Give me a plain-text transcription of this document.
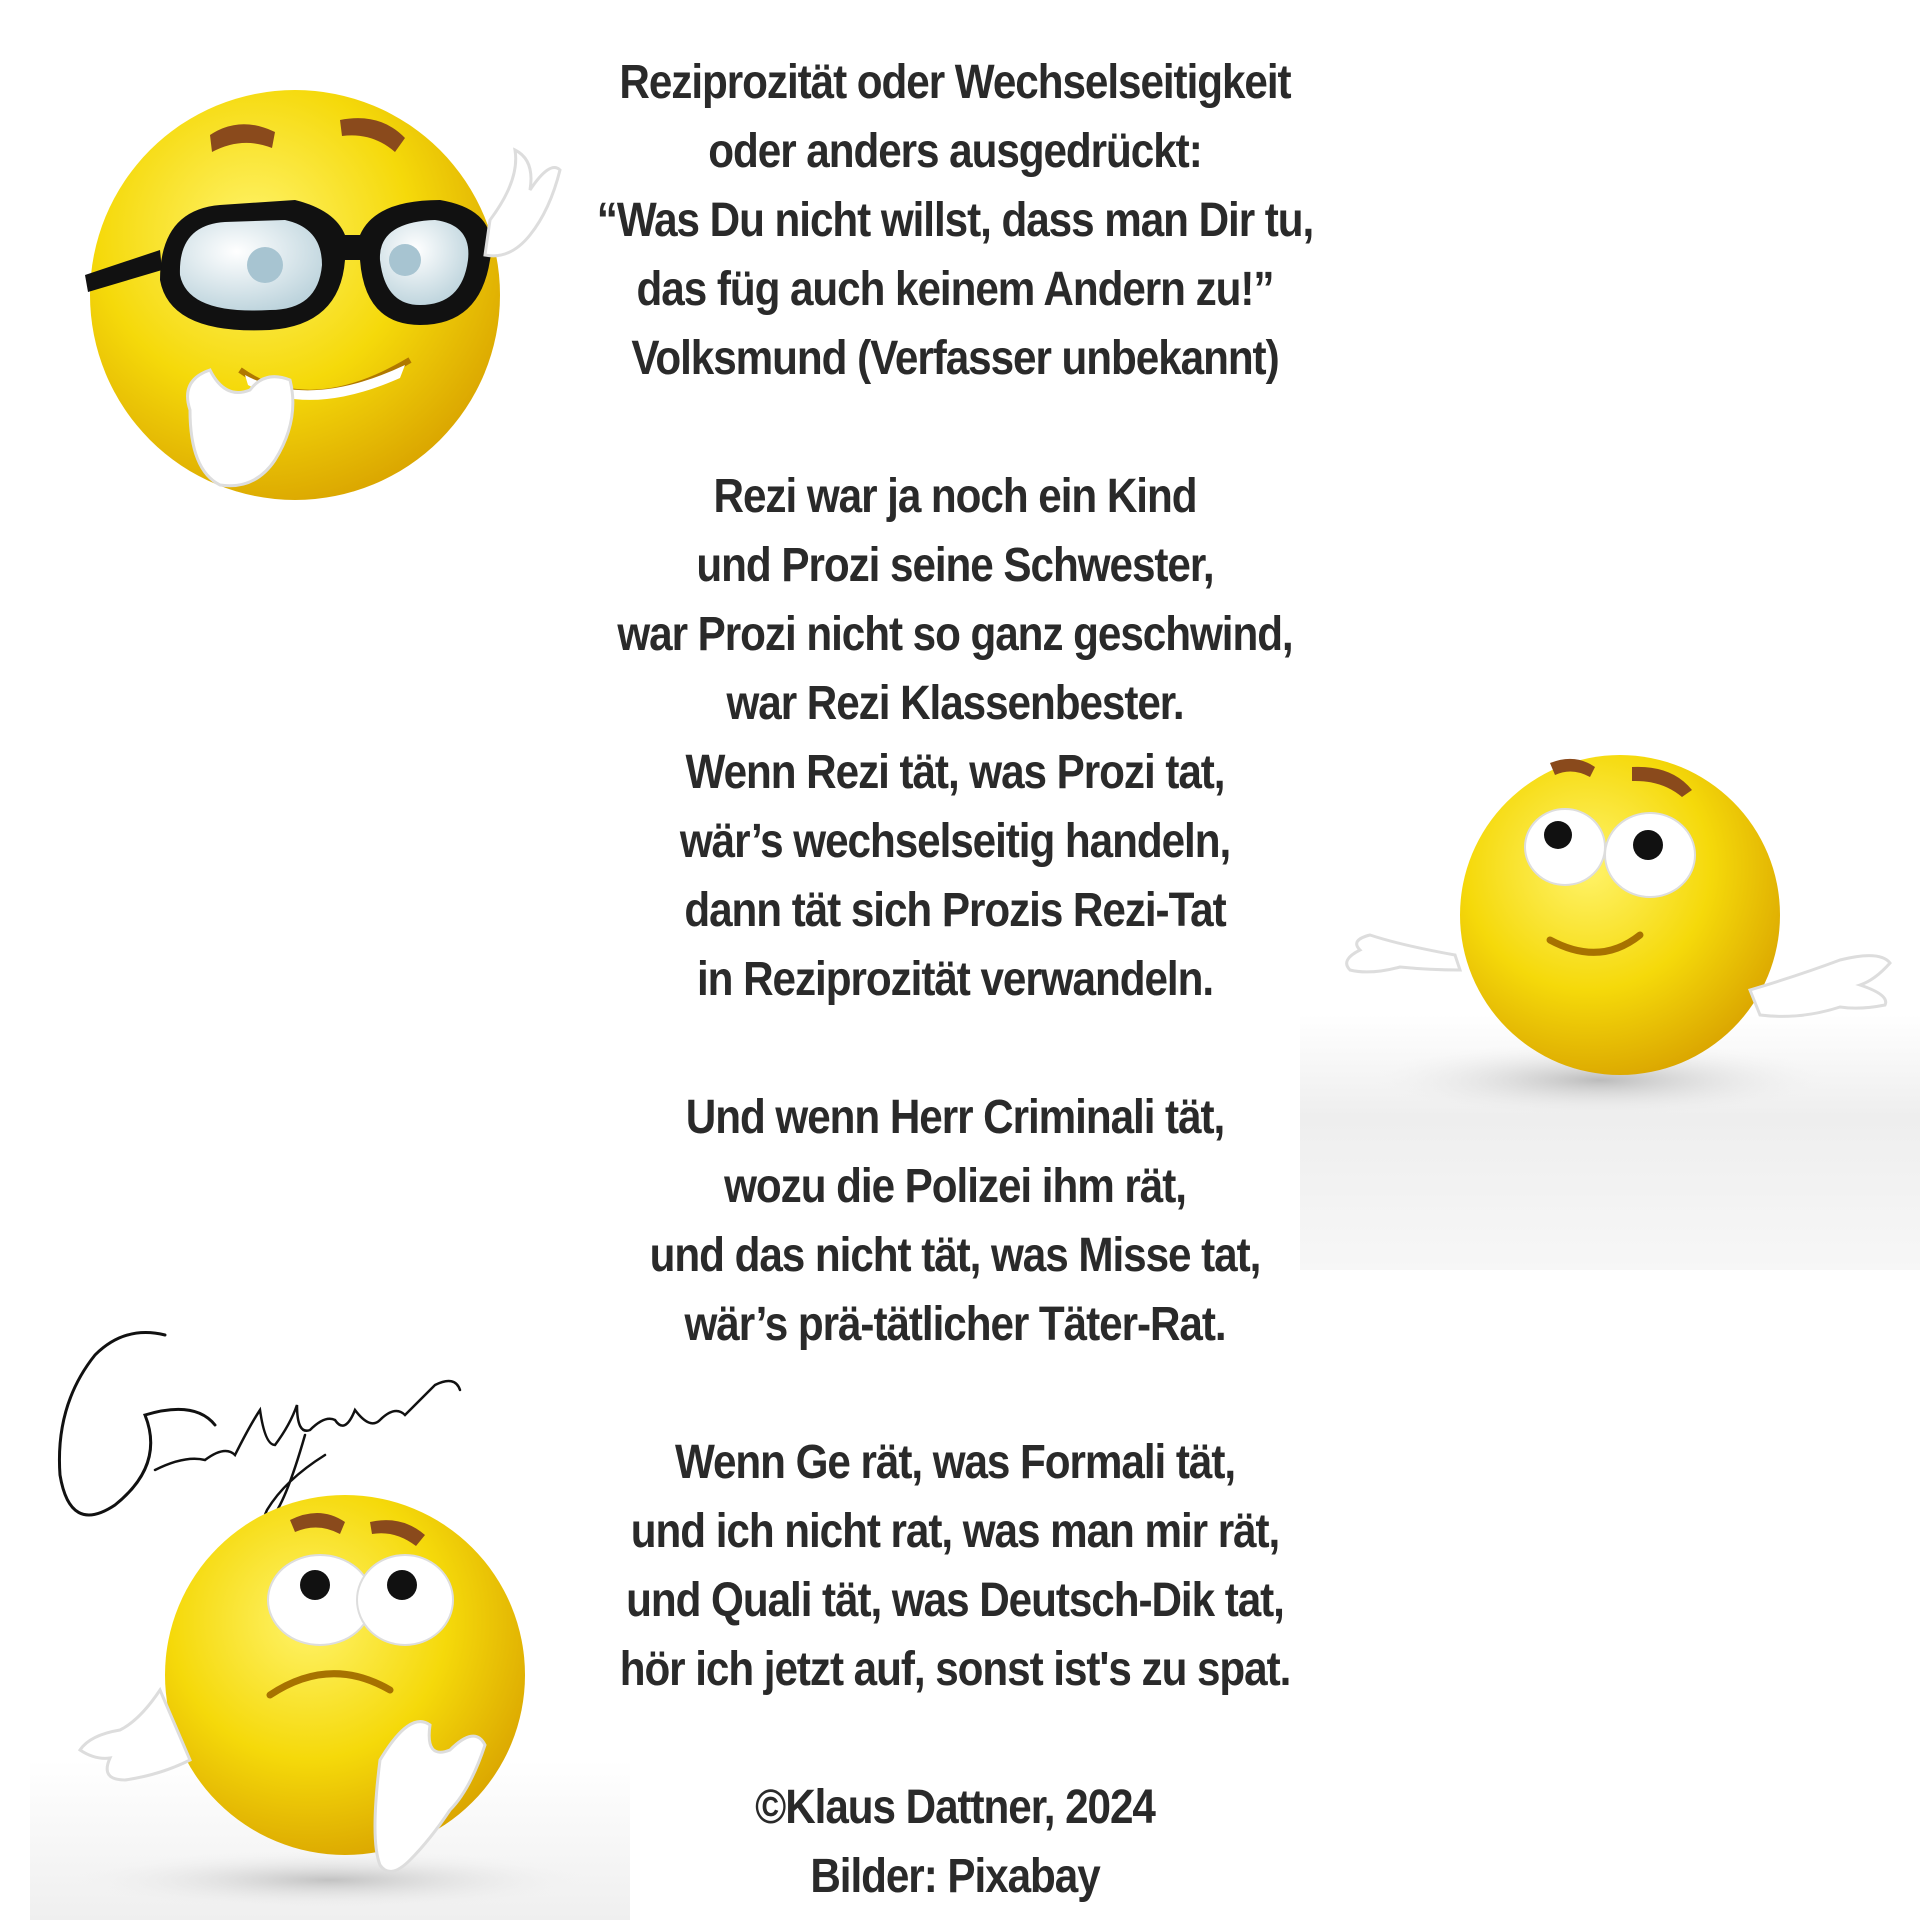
Reziprozität oder Wechselseitigkeit
oder anders ausgedrückt:
“Was Du nicht willst, dass man Dir tu,
das füg auch keinem Andern zu!”
Volksmund (Verfasser unbekannt)
Rezi war ja noch ein Kind
und Prozi seine Schwester,
war Prozi nicht so ganz geschwind,
war Rezi Klassenbester.
Wenn Rezi tät, was Prozi tat,
wär’s wechselseitig handeln,
dann tät sich Prozis Rezi-Tat
in Reziprozität verwandeln.
Und wenn Herr Criminali tät,
wozu die Polizei ihm rät,
und das nicht tät, was Misse tat,
wär’s prä-tätlicher Täter-Rat.
Wenn Ge rät, was Formali tät,
und ich nicht rat, was man mir rät,
und Quali tät, was Deutsch-Dik tat,
hör ich jetzt auf, sonst ist's zu spat.
©Klaus Dattner, 2024
Bilder: Pixabay
